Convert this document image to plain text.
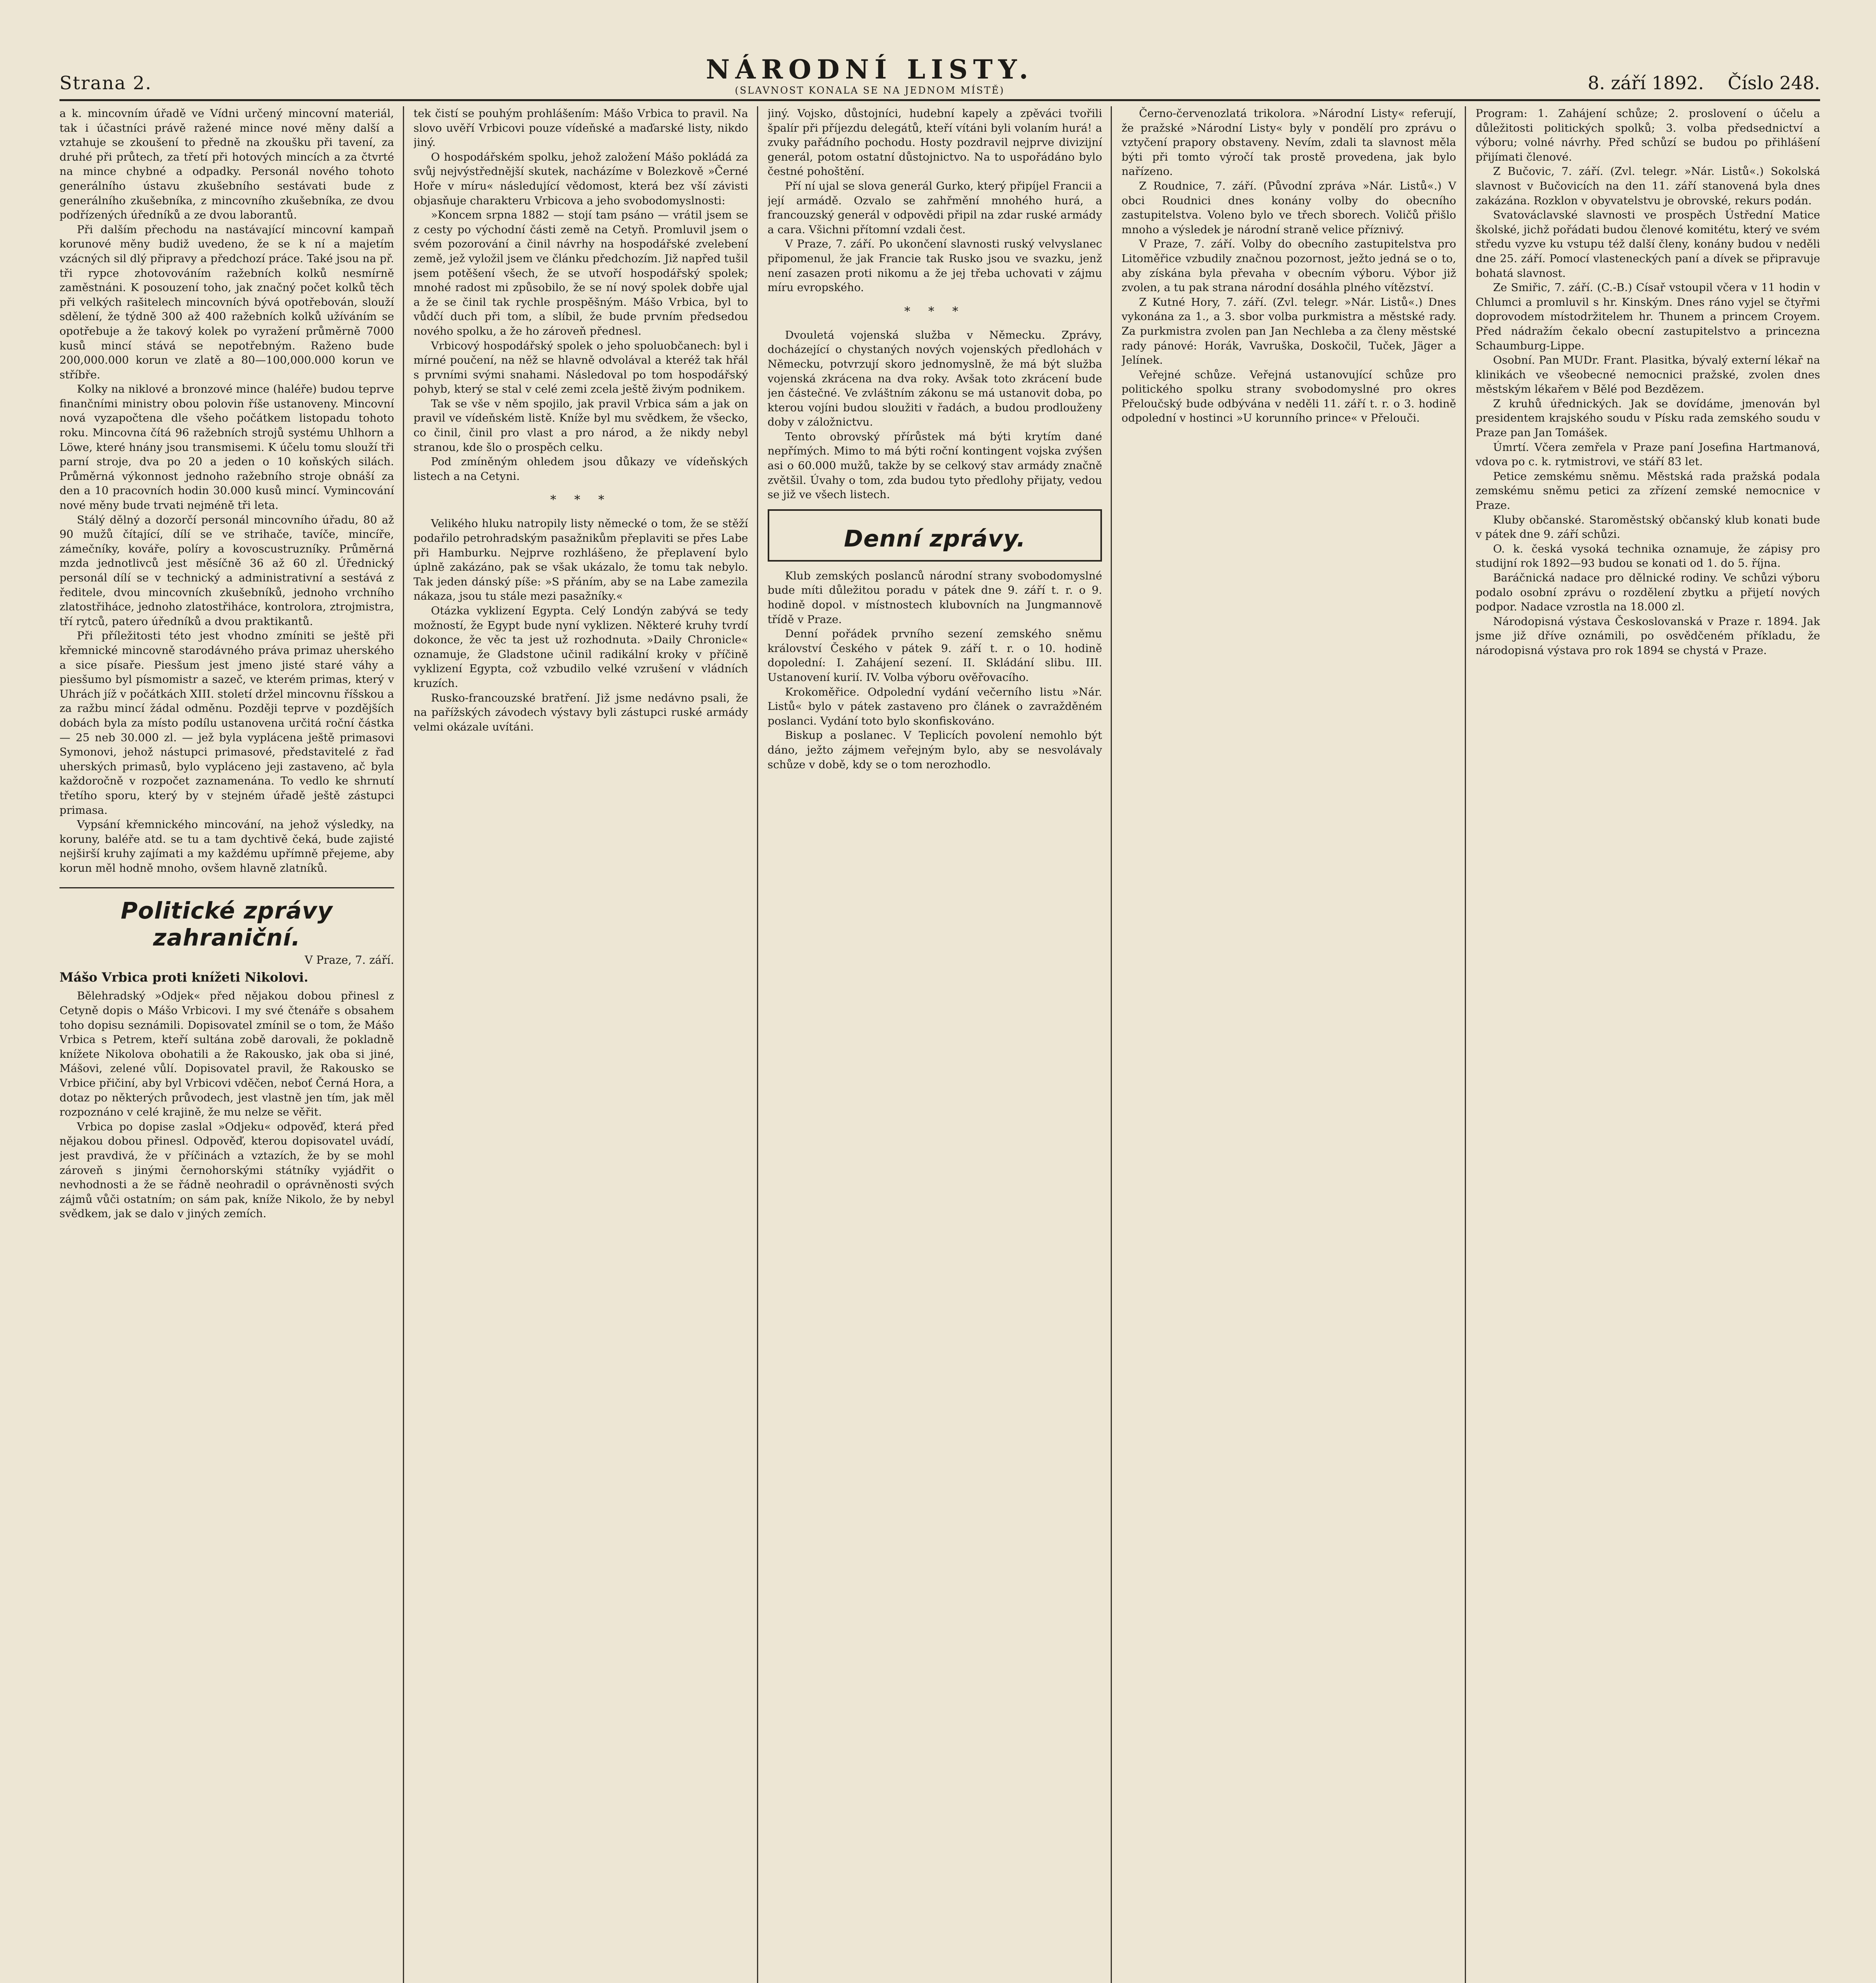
Strana 2.	NÁRODNÍ LISTY.
(SLAVNOST KONALA SE NA JEDNOM MÍSTĚ)	8. září 1892. Číslo 248.

a k. mincovním úřadě ve Vídni určený mincovní materiál, tak i účastníci právě ražené mince nové měny další a vztahuje se zkoušení to předně na zkoušku při tavení, za druhé při průtech, za třetí při hotových mincích a za čtvrté na mince chybné a odpadky. Personál nového tohoto generálního ústavu zkušebního sestávati bude z generálního zkušebníka, z mincovního zkušebníka, ze dvou podřízených úředníků a ze dvou laborantů.

Při dalším přechodu na nastávající mincovní kampaň korunové měny budiž uvedeno, že se k ní a majetím vzácných sil dlý připravy a předchozí práce. Také jsou na př. tři rypce zhotovováním ražebních kolků nesmírně zaměstnáni. K posouzení toho, jak značný počet kolků těch při velkých rašitelech mincovních bývá opotřebován, slouží sdělení, že týdně 300 až 400 ražebních kolků užíváním se opotřebuje a že takový kolek po vyražení průměrně 7000 kusů mincí stává se nepotřebným. Raženo bude 200,000.000 korun ve zlatě a 80—100,000.000 korun ve stříbře.

Kolky na niklové a bronzové mince (haléře) budou teprve finančními ministry obou polovin říše ustanoveny. Mincovní nová vyzapočtena dle všeho počátkem listopadu tohoto roku. Mincovna čítá 96 ražebních strojů systému Uhlhorn a Löwe, které hnány jsou transmisemi. K účelu tomu slouží tři parní stroje, dva po 20 a jeden o 10 koňských silách. Průměrná výkonnost jednoho ražebního stroje obnáší za den a 10 pracovních hodin 30.000 kusů mincí. Vymincování nové měny bude trvati nejméně tři leta.

Stálý dělný a dozorčí personál mincovního úřadu, 80 až 90 mužů čítající, dílí se ve strihače, tavíče, mincíře, zámečníky, kováře, políry a kovoscustruzníky. Průměrná mzda jednotlivců jest měsíčně 36 až 60 zl. Úřednický personál dílí se v technický a administrativní a sestává z ředitele, dvou mincovních zkušebníků, jednoho vrchního zlatostřiháce, jednoho zlatostřiháce, kontrolora, ztrojmistra, tří rytců, patero úředníků a dvou praktikantů.

Při příležitosti této jest vhodno zmíniti se ještě při křemnické mincovně starodávného práva primaz uherského a sice písaře. Piesšum jest jmeno jisté staré váhy a piesšumo byl písmomistr a sazeč, ve kterém primas, který v Uhrách jíž v počátkách XIII. století držel mincovnu říšskou a za ražbu mincí žádal odměnu. Později teprve v pozdějších dobách byla za místo podílu ustanovena určitá roční částka — 25 neb 30.000 zl. — jež byla vyplácena ještě primasovi Symonovi, jehož nástupci primasové, představitelé z řad uherských primasů, bylo vypláceno jeji zastaveno, ač byla každoročně v rozpočet zaznamenána. To vedlo ke shrnutí třetího sporu, který by v stejném úřadě ještě zástupci primasa.

Vypsání křemnického mincování, na jehož výsledky, na koruny, baléře atd. se tu a tam dychtivě čeká, bude zajisté nejširší kruhy zajímati a my každému upřímně přejeme, aby korun měl hodně mnoho, ovšem hlavně zlatníků.

Politické zprávy zahraniční.
V Praze, 7. září.
Mášo Vrbica proti knížeti Nikolovi.

Bělehradský »Odjek« před nějakou dobou přinesl z Cetyně dopis o Mášo Vrbicovi. I my své čtenáře s obsahem toho dopisu seznámili. Dopisovatel zmínil se o tom, že Mášo Vrbica s Petrem, kteří sultána zobě darovali, že pokladně knížete Nikolova obohatili a že Rakousko, jak oba si jiné, Mášovi, zelené vůlí. Dopisovatel pravil, že Rakousko se Vrbice přičiní, aby byl Vrbicovi vděčen, neboť Černá Hora, a dotaz po některých průvodech, jest vlastně jen tím, jak měl rozpoznáno v celé krajině, že mu nelze se věřit.

Vrbica po dopise zaslal »Odjeku« odpověď, která před nějakou dobou přinesl. Odpověď, kterou dopisovatel uvádí, jest pravdivá, že v příčinách a vztazích, že by se mohl zároveň s jinými černohorskými státníky vyjádřit o nevhodnosti a že se řádně neohradil o oprávněnosti svých zájmů vůči ostatním; on sám pak, kníže Nikolo, že by nebyl svědkem, jak se dalo v jiných zemích.

tek čistí se pouhým prohlášením: Mášo Vrbica to pravil. Na slovo uvěří Vrbicovi pouze vídeňské a maďarské listy, nikdo jiný.

O hospodářském spolku, jehož založení Mášo pokládá za svůj nejvýstřednější skutek, nacházíme v Bolezkově »Černé Hoře v míru« následující vědomost, která bez vší závisti objasňuje charakteru Vrbicova a jeho svobodomyslnosti:

»Koncem srpna 1882 — stojí tam psáno — vrátil jsem se z cesty po východní části země na Cetyň. Promluvil jsem o svém pozorování a činil návrhy na hospodářské zvelebení země, jež vyložil jsem ve článku předchozím. Již napřed tušil jsem potěšení všech, že se utvoří hospodářský spolek; mnohé radost mi způsobilo, že se ní nový spolek dobře ujal a že se činil tak rychle prospěšným. Mášo Vrbica, byl to vůdčí duch při tom, a slíbil, že bude prvním předsedou nového spolku, a že ho zároveň přednesl.

Vrbicový hospodářský spolek o jeho spoluobčanech: byl i mírné poučení, na něž se hlavně odvolával a kteréž tak hřál s prvními svými snahami. Následoval po tom hospodářský pohyb, který se stal v celé zemi zcela ještě živým podnikem.

Tak se vše v něm spojilo, jak pravil Vrbica sám a jak on pravil ve vídeňském listě. Kníže byl mu svědkem, že všecko, co činil, činil pro vlast a pro národ, a že nikdy nebyl stranou, kde šlo o prospěch celku.

Pod zmíněným ohledem jsou důkazy ve vídeňských listech a na Cetyni.

* * *

Velikého hluku natropily listy německé o tom, že se stěží podařilo petrohradským pasažnikům přeplaviti se přes Labe při Hamburku. Nejprve rozhlášeno, že přeplavení bylo úplně zakázáno, pak se však ukázalo, že tomu tak nebylo. Tak jeden dánský píše: »S přáním, aby se na Labe zamezila nákaza, jsou tu stále mezi pasažníky.«

Otázka vyklizení Egypta. Celý Londýn zabývá se tedy možností, že Egypt bude nyní vyklizen. Některé kruhy tvrdí dokonce, že věc ta jest už rozhodnuta. »Daily Chronicle« oznamuje, že Gladstone učinil radikální kroky v příčině vyklizení Egypta, což vzbudilo velké vzrušení v vládních kruzích.

Rusko-francouzské bratření. Již jsme nedávno psali, že na pařížských závodech výstavy byli zástupci ruské armády velmi okázale uvítáni.

jiný. Vojsko, důstojníci, hudební kapely a zpěváci tvořili špalír při příjezdu delegátů, kteří vítáni byli volaním hurá! a zvuky pařádního pochodu. Hosty pozdravil nejprve divizijní generál, potom ostatní důstojnictvo. Na to uspořádáno bylo čestné pohoštění.

Pří ní ujal se slova generál Gurko, který připíjel Francii a její armádě. Ozvalo se zahřmění mnohého hurá, a francouzský generál v odpovědi připil na zdar ruské armády a cara. Všichni přítomní vzdali čest.

V Praze, 7. září. Po ukončení slavnosti ruský velvyslanec připomenul, že jak Francie tak Rusko jsou ve svazku, jenž není zasazen proti nikomu a že jej třeba uchovati v zájmu míru evropského.

* * *

Dvouletá vojenská služba v Německu. Zprávy, docházející o chystaných nových vojenských předlohách v Německu, potvrzují skoro jednomyslně, že má být služba vojenská zkrácena na dva roky. Avšak toto zkrácení bude jen částečné. Ve zvláštním zákonu se má ustanovit doba, po kterou vojíni budou sloužiti v řadách, a budou prodlouženy doby v záložnictvu.

Tento obrovský přírůstek má býti krytím dané nepřímých. Mimo to má býti roční kontingent vojska zvýšen asi o 60.000 mužů, takže by se celkový stav armády značně zvětšil. Úvahy o tom, zda budou tyto předlohy přijaty, vedou se již ve všech listech.

Denní zprávy.

Klub zemských poslanců národní strany svobodomyslné bude míti důležitou poradu v pátek dne 9. září t. r. o 9. hodině dopol. v místnostech klubovních na Jungmannově třídě v Praze.

Denní pořádek prvního sezení zemského sněmu království Českého v pátek 9. září t. r. o 10. hodině dopolední: I. Zahájení sezení. II. Skládání slibu. III. Ustanovení kurií. IV. Volba výboru ověřovacího.

Krokoměřice. Odpolední vydání večerního listu »Nár. Listů« bylo v pátek zastaveno pro článek o zavražděném poslanci. Vydání toto bylo skonfiskováno.

Biskup a poslanec. V Teplicích povolení nemohlo být dáno, ježto zájmem veřejným bylo, aby se nesvolávaly schůze v době, kdy se o tom nerozhodlo.

Černo-červenozlatá trikolora. »Národní Listy« referují, že pražské »Národní Listy« byly v pondělí pro zprávu o vztyčení prapory obstaveny. Nevím, zdali ta slavnost měla býti při tomto výročí tak prostě provedena, jak bylo nařízeno.

Z Roudnice, 7. září. (Původní zpráva »Nár. Listů«.) V obci Roudnici dnes konány volby do obecního zastupitelstva. Voleno bylo ve třech sborech. Voličů přišlo mnoho a výsledek je národní straně velice příznivý.

V Praze, 7. září. Volby do obecního zastupitelstva pro Litoměřice vzbudily značnou pozornost, ježto jedná se o to, aby získána byla převaha v obecním výboru. Výbor již zvolen, a tu pak strana národní dosáhla plného vítězství.

Z Kutné Hory, 7. září. (Zvl. telegr. »Nár. Listů«.) Dnes vykonána za 1., a 3. sbor volba purkmistra a městské rady. Za purkmistra zvolen pan Jan Nechleba a za členy městské rady pánové: Horák, Vavruška, Doskočil, Tuček, Jäger a Jelínek.

Veřejné schůze. Veřejná ustanovující schůze pro politického spolku strany svobodomyslné pro okres Přeloučský bude odbývána v neděli 11. září t. r. o 3. hodině odpolední v hostinci »U korunního prince« v Přelouči.

Program: 1. Zahájení schůze; 2. proslovení o účelu a důležitosti politických spolků; 3. volba předsednictví a výboru; volné návrhy. Před schůzí se budou po přihlášení přijímati členové.

Z Bučovic, 7. září. (Zvl. telegr. »Nár. Listů«.) Sokolská slavnost v Bučovicích na den 11. září stanovená byla dnes zakázána. Rozklon v obyvatelstvu je obrovské, rekurs podán.

Svatováclavské slavnosti ve prospěch Ústřední Matice školské, jichž pořádati budou členové komitétu, který ve svém středu vyzve ku vstupu též další členy, konány budou v neděli dne 25. září. Pomocí vlasteneckých paní a dívek se připravuje bohatá slavnost.

Ze Smiřic, 7. září. (C.-B.) Císař vstoupil včera v 11 hodin v Chlumci a promluvil s hr. Kinským. Dnes ráno vyjel se čtyřmi doprovodem místodržitelem hr. Thunem a princem Croyem. Před nádražím čekalo obecní zastupitelstvo a princezna Schaumburg-Lippe.

Osobní. Pan MUDr. Frant. Plasitka, bývalý externí lékař na klinikách ve všeobecné nemocnici pražské, zvolen dnes městským lékařem v Bělé pod Bezdězem.

Z kruhů úřednických. Jak se dovídáme, jmenován byl presidentem krajského soudu v Písku rada zemského soudu v Praze pan Jan Tomášek.

Úmrtí. Včera zemřela v Praze paní Josefina Hartmanová, vdova po c. k. rytmistrovi, ve stáří 83 let.

Petice zemskému sněmu. Městská rada pražská podala zemskému sněmu petici za zřízení zemské nemocnice v Praze.

Kluby občanské. Staroměstský občanský klub konati bude v pátek dne 9. září schůzi.

O. k. česká vysoká technika oznamuje, že zápisy pro studijní rok 1892—93 budou se konati od 1. do 5. října.

Baráčnická nadace pro dělnické rodiny. Ve schůzi výboru podalo osobní zprávu o rozdělení zbytku a přijetí nových podpor. Nadace vzrostla na 18.000 zl.

Národopisná výstava Českoslovanská v Praze r. 1894. Jak jsme již dříve oznámili, po osvědčeném příkladu, že národopisná výstava pro rok 1894 se chystá v Praze.
